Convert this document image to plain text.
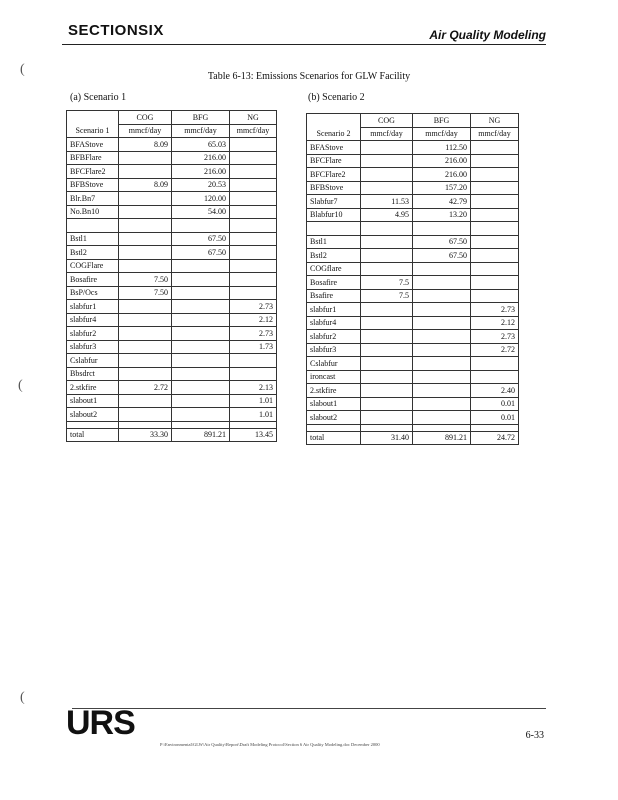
SECTIONSIX	Air Quality Modeling
(
(
(
Table 6-13: Emissions Scenarios for GLW Facility
(a) Scenario 1	(b) Scenario 2
	COG	BFG	NG
Scenario 1	mmcf/day	mmcf/day	mmcf/day
BFAStove	8.09	65.03	
BFBFlare		216.00	
BFCFlare2		216.00	
BFBStove	8.09	20.53	
Blr.Bn7		120.00	
No.Bn10		54.00	

Bstl1		67.50	
Bstl2		67.50	
COGFlare			
Bosafire	7.50		
BsP/Ocs	7.50		
slabfur1			2.73
slabfur4			2.12
slabfur2			2.73
slabfur3			1.73
Cslabfur			
Bbsdrct			
2.stkfire	2.72		2.13
slabout1			1.01
slabout2			1.01

total	33.30	891.21	13.45
	COG	BFG	NG
Scenario 2	mmcf/day	mmcf/day	mmcf/day
BFAStove		112.50	
BFCFlare		216.00	
BFCFlare2		216.00	
BFBStove		157.20	
Slabfur7	11.53	42.79	
Blabfur10	4.95	13.20	

Bstl1		67.50	
Bstl2		67.50	
COGflare			
Bosafire	7.5		
Bsafire	7.5		
slabfur1			2.73
slabfur4			2.12
slabfur2			2.73
slabfur3			2.72
Cslabfur			
ironcast			
2.stkfire			2.40
slabout1			0.01
slabout2			0.01

total	31.40	891.21	24.72
URS	6-33
P:\Environmental\GLW\Air Quality\Report\Draft Modeling Protocol\Section 6 Air Quality Modeling.doc December 2000
